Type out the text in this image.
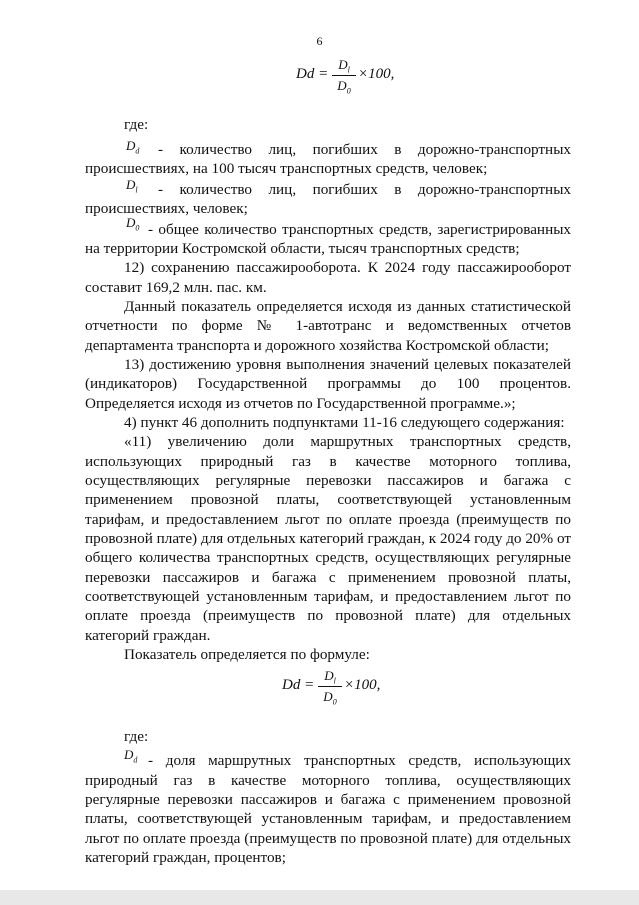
6
Dd =
$D_l$
$D_0$
×100,
где:
$D_d$ - количество лиц, погибших в дорожно-транспортных
происшествиях, на 100 тысяч транспортных средств, человек;
$D_l$ - количество лиц, погибших в дорожно-транспортных
происшествиях, человек;
$D_0$ - общее количество транспортных средств, зарегистрированных
на территории Костромской области, тысяч транспортных средств;
12) сохранению пассажирооборота. К 2024 году пассажирооборот
составит 169,2 млн. пас. км.
Данный показатель определяется исходя из данных статистической
отчетности по форме № 1-автотранс и ведомственных отчетов
департамента транспорта и дорожного хозяйства Костромской области;
13) достижению уровня выполнения значений целевых показателей
(индикаторов) Государственной программы до 100 процентов.
Определяется исходя из отчетов по Государственной программе.»;
4) пункт 46 дополнить подпунктами 11-16 следующего содержания:
«11) увеличению доли маршрутных транспортных средств,
использующих природный газ в качестве моторного топлива,
осуществляющих регулярные перевозки пассажиров и багажа с
применением провозной платы, соответствующей установленным
тарифам, и предоставлением льгот по оплате проезда (преимуществ по
провозной плате) для отдельных категорий граждан, к 2024 году до 20% от
общего количества транспортных средств, осуществляющих регулярные
перевозки пассажиров и багажа с применением провозной платы,
соответствующей установленным тарифам, и предоставлением льгот по
оплате проезда (преимуществ по провозной плате) для отдельных
категорий граждан.
Показатель определяется по формуле:
Dd =
$D_l$
$D_0$
×100,
где:
$D_d$ - доля маршрутных транспортных средств, использующих
природный газ в качестве моторного топлива, осуществляющих
регулярные перевозки пассажиров и багажа с применением провозной
платы, соответствующей установленным тарифам, и предоставлением
льгот по оплате проезда (преимуществ по провозной плате) для отдельных
категорий граждан, процентов;
